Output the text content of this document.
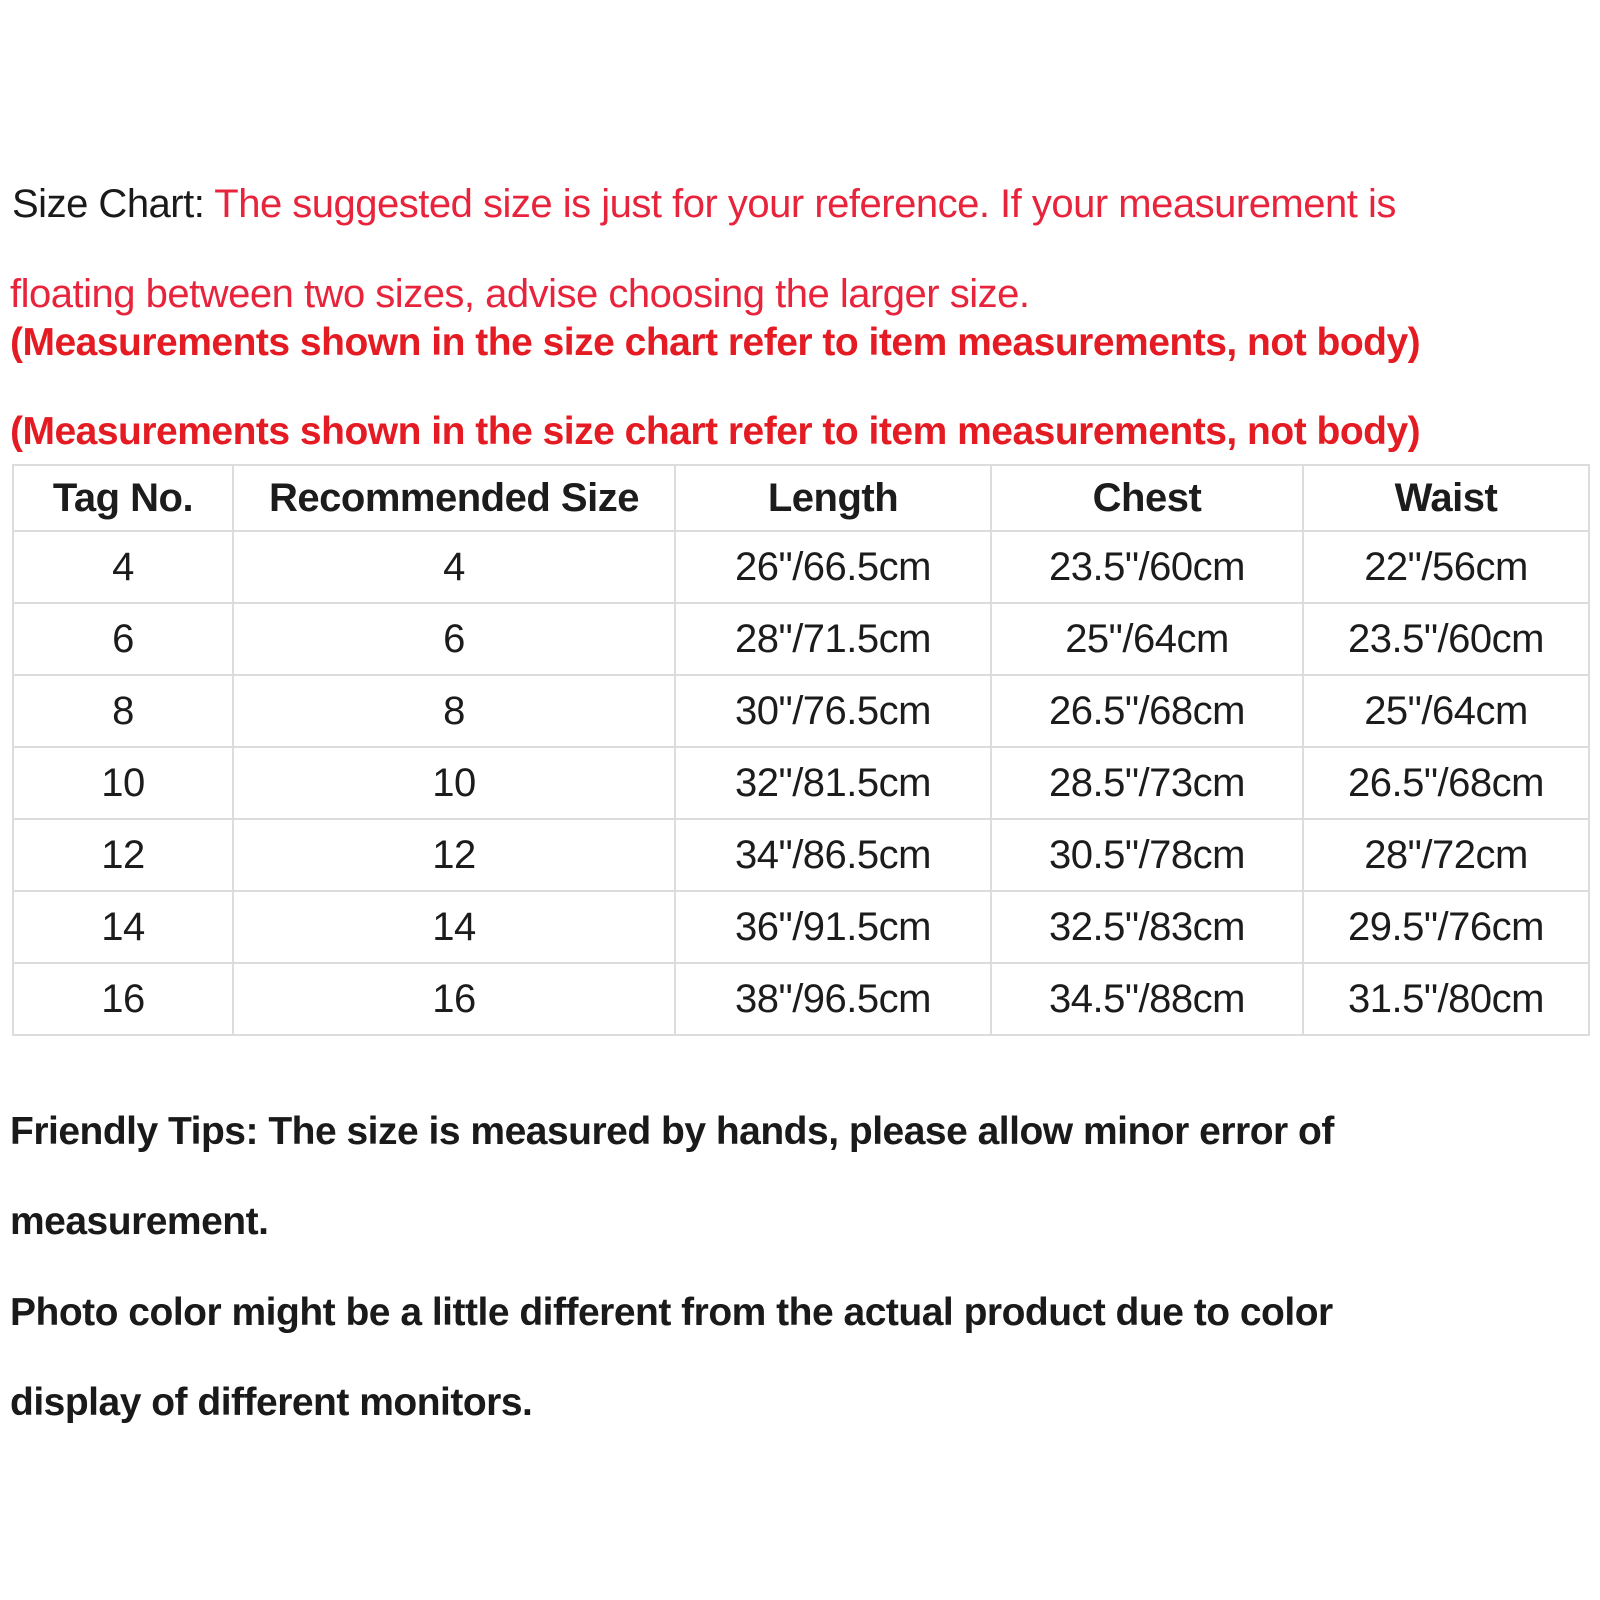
Size Chart: The suggested size is just for your reference. If your measurement is
floating between two sizes, advise choosing the larger size.
(Measurements shown in the size chart refer to item measurements, not body)
(Measurements shown in the size chart refer to item measurements, not body)
Tag No.	Recommended Size	Length	Chest	Waist
4	4	26"/66.5cm	23.5"/60cm	22"/56cm
6	6	28"/71.5cm	25"/64cm	23.5"/60cm
8	8	30"/76.5cm	26.5"/68cm	25"/64cm
10	10	32"/81.5cm	28.5"/73cm	26.5"/68cm
12	12	34"/86.5cm	30.5"/78cm	28"/72cm
14	14	36"/91.5cm	32.5"/83cm	29.5"/76cm
16	16	38"/96.5cm	34.5"/88cm	31.5"/80cm
Friendly Tips: The size is measured by hands, please allow minor error of
measurement.
Photo color might be a little different from the actual product due to color
display of different monitors.
